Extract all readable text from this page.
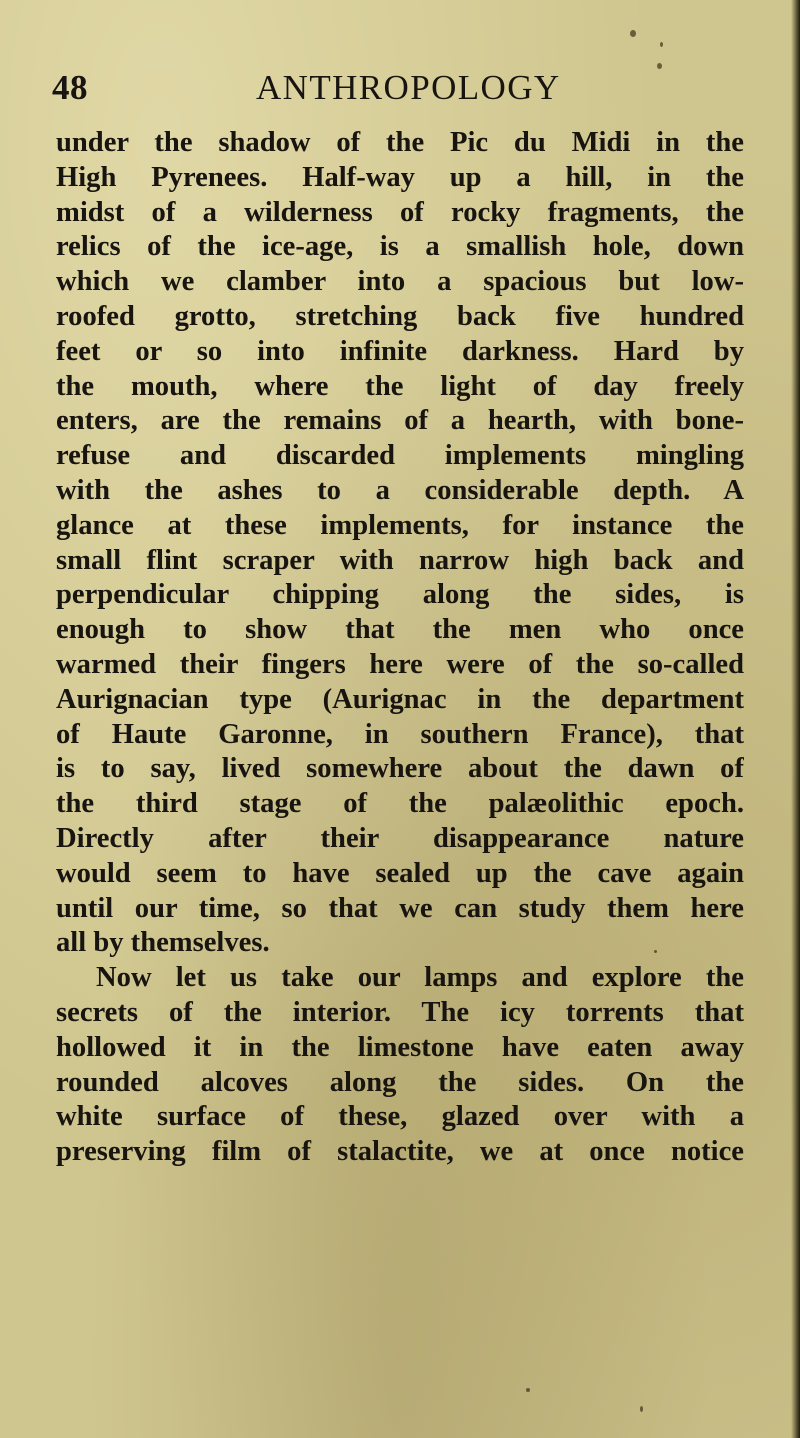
48	ANTHROPOLOGY
under the shadow of the Pic du Midi in the
High Pyrenees. Half-way up a hill, in the
midst of a wilderness of rocky fragments, the
relics of the ice-age, is a smallish hole, down
which we clamber into a spacious but low-
roofed grotto, stretching back five hundred
feet or so into infinite darkness. Hard by
the mouth, where the light of day freely
enters, are the remains of a hearth, with bone-
refuse and discarded implements mingling
with the ashes to a considerable depth. A
glance at these implements, for instance the
small flint scraper with narrow high back and
perpendicular chipping along the sides, is
enough to show that the men who once
warmed their fingers here were of the so-called
Aurignacian type (Aurignac in the department
of Haute Garonne, in southern France), that
is to say, lived somewhere about the dawn of
the third stage of the palæolithic epoch.
Directly after their disappearance nature
would seem to have sealed up the cave again
until our time, so that we can study them here
all by themselves.
Now let us take our lamps and explore the
secrets of the interior. The icy torrents that
hollowed it in the limestone have eaten away
rounded alcoves along the sides. On the
white surface of these, glazed over with a
preserving film of stalactite, we at once notice
